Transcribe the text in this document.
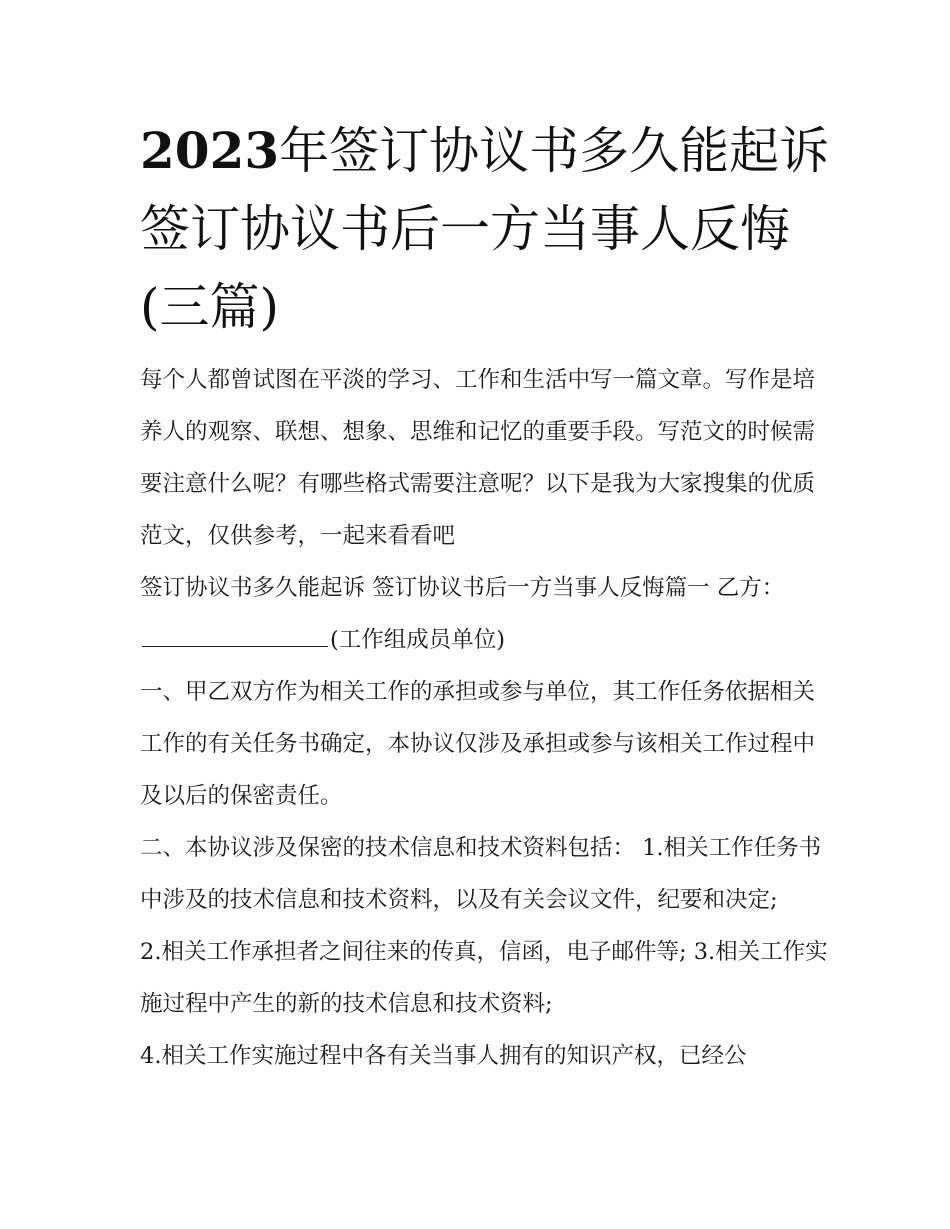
2023年签订协议书多久能起诉签订协议书后一方当事人反悔(三篇)

每个人都曾试图在平淡的学习、工作和生活中写一篇文章。写作是培养人的观察、联想、想象、思维和记忆的重要手段。写范文的时候需要注意什么呢？有哪些格式需要注意呢？以下是我为大家搜集的优质范文，仅供参考，一起来看看吧

签订协议书多久能起诉 签订协议书后一方当事人反悔篇一 乙方：(工作组成员单位)

一、甲乙双方作为相关工作的承担或参与单位，其工作任务依据相关工作的有关任务书确定，本协议仅涉及承担或参与该相关工作过程中及以后的保密责任。

二、本协议涉及保密的技术信息和技术资料包括： 1.相关工作任务书中涉及的技术信息和技术资料，以及有关会议文件，纪要和决定;

2.相关工作承担者之间往来的传真，信函，电子邮件等; 3.相关工作实施过程中产生的新的技术信息和技术资料;

4.相关工作实施过程中各有关当事人拥有的知识产权，已经公
